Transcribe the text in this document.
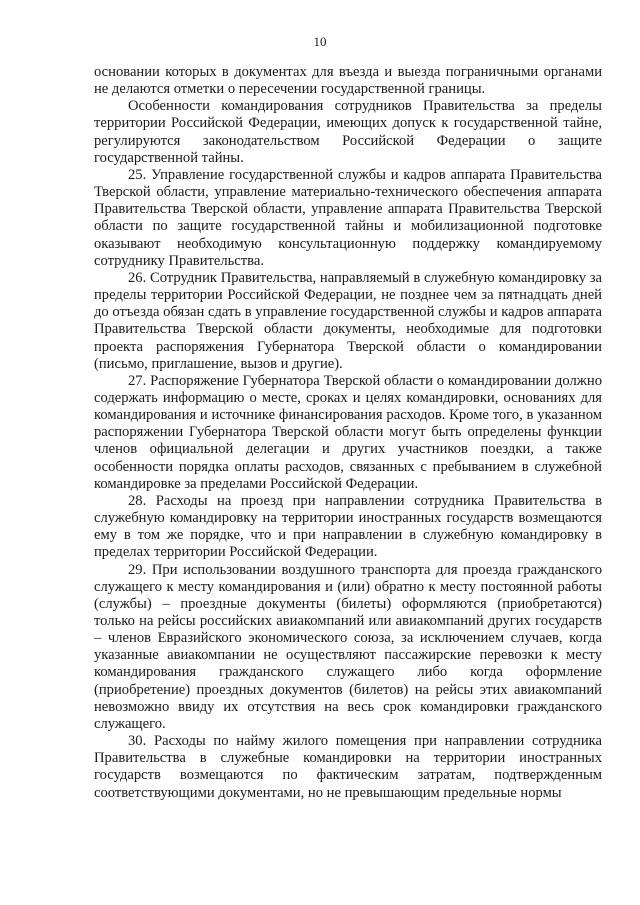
10

основании которых в документах для въезда и выезда пограничными органами не делаются отметки о пересечении государственной границы.

Особенности командирования сотрудников Правительства за пределы территории Российской Федерации, имеющих допуск к государственной тайне, регулируются законодательством Российской Федерации о защите государственной тайны.

25. Управление государственной службы и кадров аппарата Правительства Тверской области, управление материально-технического обеспечения аппарата Правительства Тверской области, управление аппарата Правительства Тверской области по защите государственной тайны и мобилизационной подготовке оказывают необходимую консультационную поддержку командируемому сотруднику Правительства.

26. Сотрудник Правительства, направляемый в служебную командировку за пределы территории Российской Федерации, не позднее чем за пятнадцать дней до отъезда обязан сдать в управление государственной службы и кадров аппарата Правительства Тверской области документы, необходимые для подготовки проекта распоряжения Губернатора Тверской области о командировании (письмо, приглашение, вызов и другие).

27. Распоряжение Губернатора Тверской области о командировании должно содержать информацию о месте, сроках и целях командировки, основаниях для командирования и источнике финансирования расходов. Кроме того, в указанном распоряжении Губернатора Тверской области могут быть определены функции членов официальной делегации и других участников поездки, а также особенности порядка оплаты расходов, связанных с пребыванием в служебной командировке за пределами Российской Федерации.

28. Расходы на проезд при направлении сотрудника Правительства в служебную командировку на территории иностранных государств возмещаются ему в том же порядке, что и при направлении в служебную командировку в пределах территории Российской Федерации.

29. При использовании воздушного транспорта для проезда гражданского служащего к месту командирования и (или) обратно к месту постоянной работы (службы) – проездные документы (билеты) оформляются (приобретаются) только на рейсы российских авиакомпаний или авиакомпаний других государств – членов Евразийского экономического союза, за исключением случаев, когда указанные авиакомпании не осуществляют пассажирские перевозки к месту командирования гражданского служащего либо когда оформление (приобретение) проездных документов (билетов) на рейсы этих авиакомпаний невозможно ввиду их отсутствия на весь срок командировки гражданского служащего.

30. Расходы по найму жилого помещения при направлении сотрудника Правительства в служебные командировки на территории иностранных государств возмещаются по фактическим затратам, подтвержденным соответствующими документами, но не превышающим предельные нормы
